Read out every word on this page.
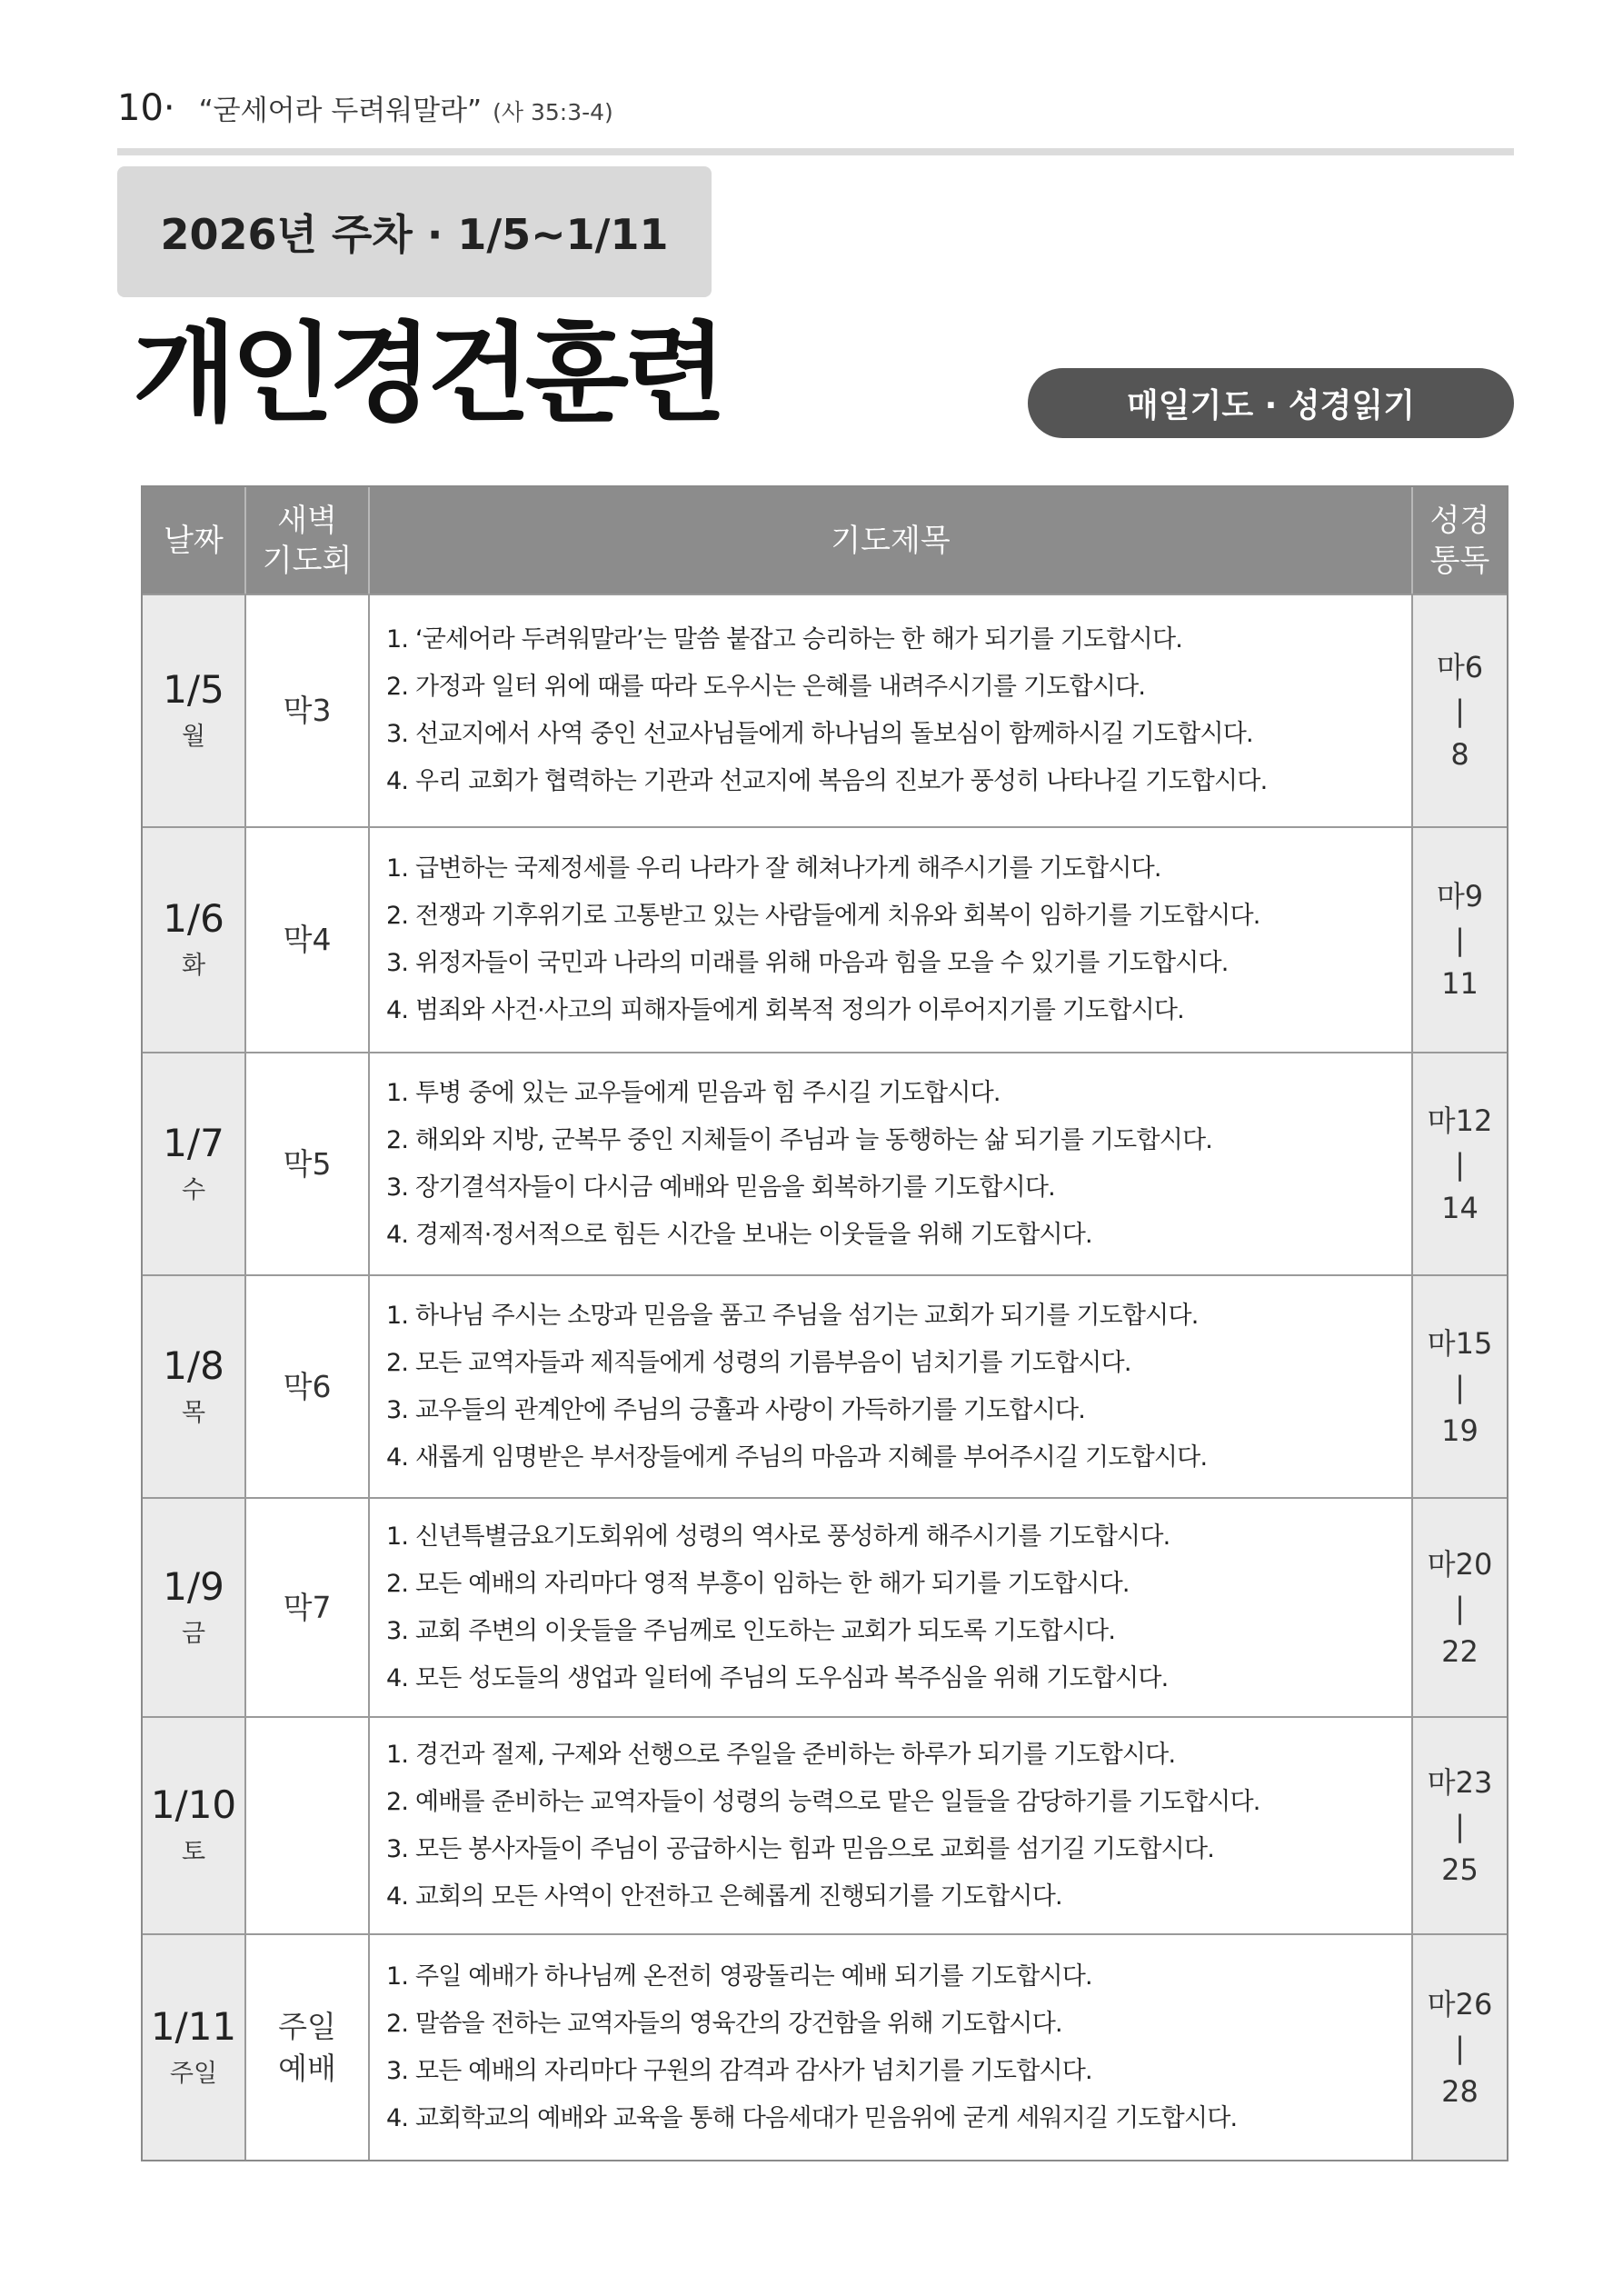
10· “굳세어라 두려워말라” (사 35:3-4)
2026년 주차 · 1/5~1/11
개인경건훈련	매일기도 · 성경읽기
날짜
새벽
기도회
기도제목
성경
통독
1/5
월
막3
1. ‘굳세어라 두려워말라’는 말씀 붙잡고 승리하는 한 해가 되기를 기도합시다.
2. 가정과 일터 위에 때를 따라 도우시는 은혜를 내려주시기를 기도합시다.
3. 선교지에서 사역 중인 선교사님들에게 하나님의 돌보심이 함께하시길 기도합시다.
4. 우리 교회가 협력하는 기관과 선교지에 복음의 진보가 풍성히 나타나길 기도합시다.
마6
|
8
1/6
화
막4
1. 급변하는 국제정세를 우리 나라가 잘 헤쳐나가게 해주시기를 기도합시다.
2. 전쟁과 기후위기로 고통받고 있는 사람들에게 치유와 회복이 임하기를 기도합시다.
3. 위정자들이 국민과 나라의 미래를 위해 마음과 힘을 모을 수 있기를 기도합시다.
4. 범죄와 사건·사고의 피해자들에게 회복적 정의가 이루어지기를 기도합시다.
마9
|
11
1/7
수
막5
1. 투병 중에 있는 교우들에게 믿음과 힘 주시길 기도합시다.
2. 해외와 지방, 군복무 중인 지체들이 주님과 늘 동행하는 삶 되기를 기도합시다.
3. 장기결석자들이 다시금 예배와 믿음을 회복하기를 기도합시다.
4. 경제적·정서적으로 힘든 시간을 보내는 이웃들을 위해 기도합시다.
마12
|
14
1/8
목
막6
1. 하나님 주시는 소망과 믿음을 품고 주님을 섬기는 교회가 되기를 기도합시다.
2. 모든 교역자들과 제직들에게 성령의 기름부음이 넘치기를 기도합시다.
3. 교우들의 관계안에 주님의 긍휼과 사랑이 가득하기를 기도합시다.
4. 새롭게 임명받은 부서장들에게 주님의 마음과 지혜를 부어주시길 기도합시다.
마15
|
19
1/9
금
막7
1. 신년특별금요기도회위에 성령의 역사로 풍성하게 해주시기를 기도합시다.
2. 모든 예배의 자리마다 영적 부흥이 임하는 한 해가 되기를 기도합시다.
3. 교회 주변의 이웃들을 주님께로 인도하는 교회가 되도록 기도합시다.
4. 모든 성도들의 생업과 일터에 주님의 도우심과 복주심을 위해 기도합시다.
마20
|
22
1/10
토
1. 경건과 절제, 구제와 선행으로 주일을 준비하는 하루가 되기를 기도합시다.
2. 예배를 준비하는 교역자들이 성령의 능력으로 맡은 일들을 감당하기를 기도합시다.
3. 모든 봉사자들이 주님이 공급하시는 힘과 믿음으로 교회를 섬기길 기도합시다.
4. 교회의 모든 사역이 안전하고 은혜롭게 진행되기를 기도합시다.
마23
|
25
1/11
주일
주일
예배
1. 주일 예배가 하나님께 온전히 영광돌리는 예배 되기를 기도합시다.
2. 말씀을 전하는 교역자들의 영육간의 강건함을 위해 기도합시다.
3. 모든 예배의 자리마다 구원의 감격과 감사가 넘치기를 기도합시다.
4. 교회학교의 예배와 교육을 통해 다음세대가 믿음위에 굳게 세워지길 기도합시다.
마26
|
28
